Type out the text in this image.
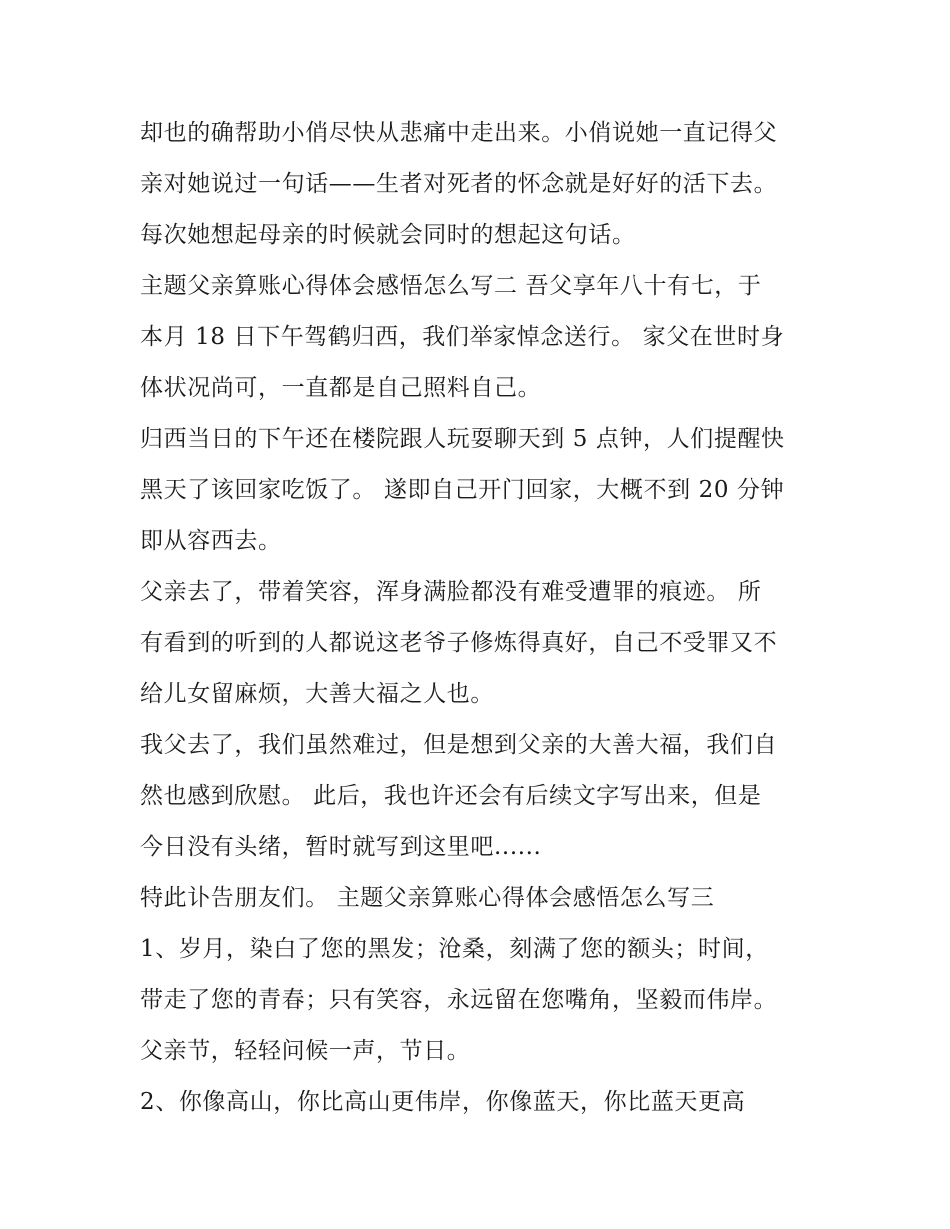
却也的确帮助小俏尽快从悲痛中走出来。小俏说她一直记得父
亲对她说过一句话——生者对死者的怀念就是好好的活下去。
每次她想起母亲的时候就会同时的想起这句话。
主题父亲算账心得体会感悟怎么写二 吾父享年八十有七，于
本月 18 日下午驾鹤归西，我们举家悼念送行。 家父在世时身
体状况尚可，一直都是自己照料自己。
归西当日的下午还在楼院跟人玩耍聊天到 5 点钟，人们提醒快
黑天了该回家吃饭了。 遂即自己开门回家，大概不到 20 分钟
即从容西去。
父亲去了，带着笑容，浑身满脸都没有难受遭罪的痕迹。 所
有看到的听到的人都说这老爷子修炼得真好，自己不受罪又不
给儿女留麻烦，大善大福之人也。
我父去了，我们虽然难过，但是想到父亲的大善大福，我们自
然也感到欣慰。 此后，我也许还会有后续文字写出来，但是
今日没有头绪，暂时就写到这里吧......
特此讣告朋友们。 主题父亲算账心得体会感悟怎么写三
1、岁月，染白了您的黑发；沧桑，刻满了您的额头；时间，
带走了您的青春；只有笑容，永远留在您嘴角，坚毅而伟岸。
父亲节，轻轻问候一声，节日。
2、你像高山，你比高山更伟岸，你像蓝天，你比蓝天更高
